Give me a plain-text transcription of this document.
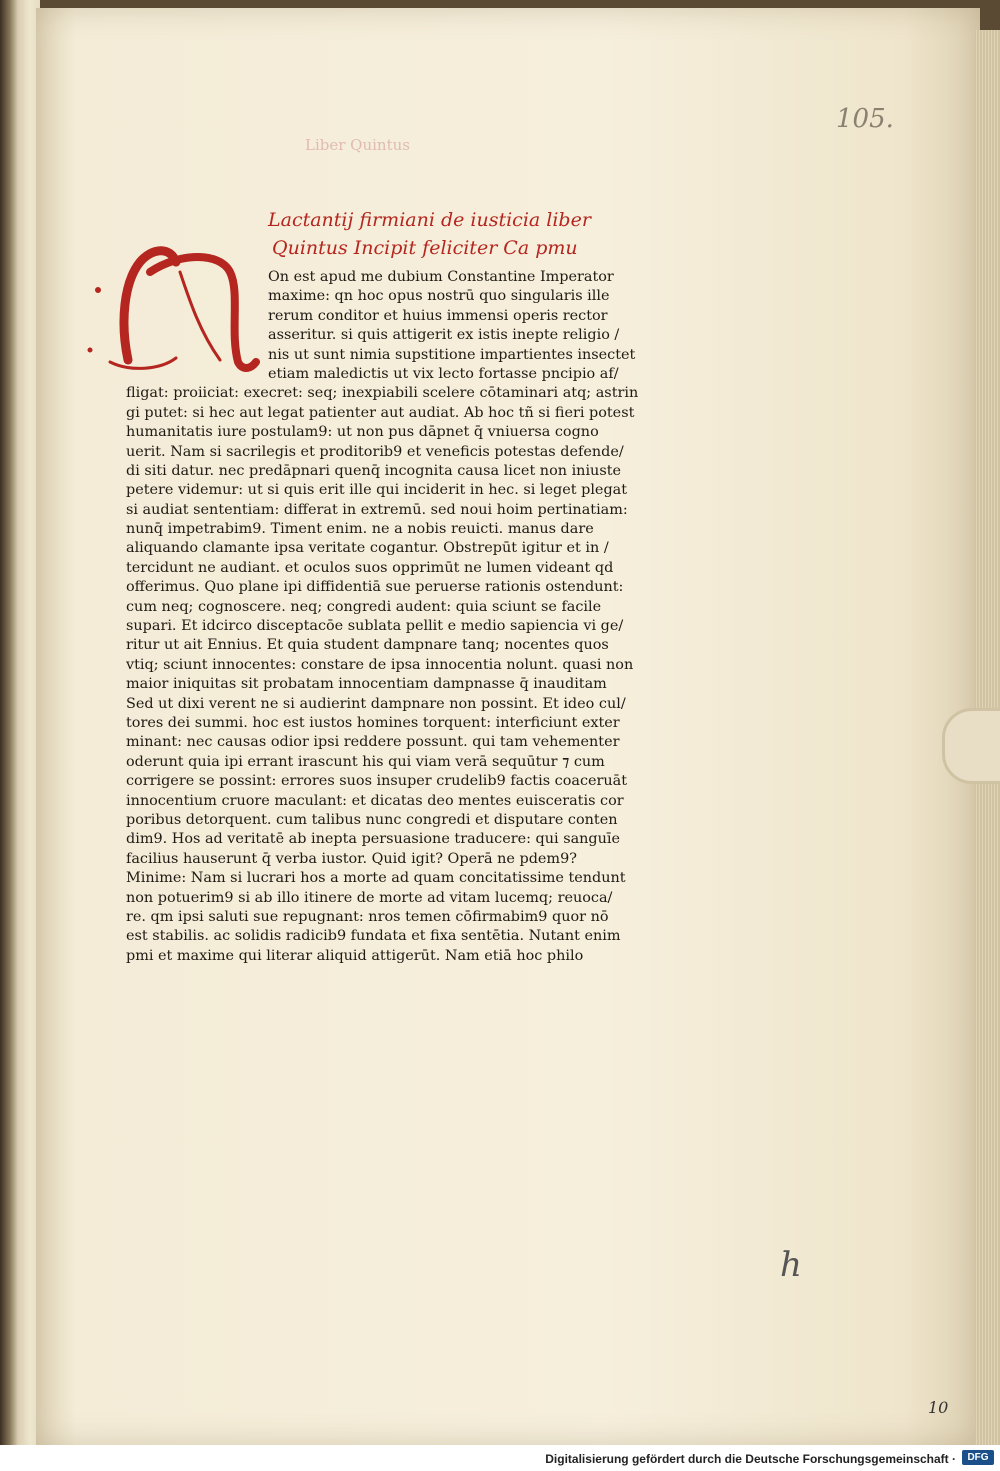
105.
Liber Quintus
Lactantij firmiani de iusticia liber
Quintus Incipit feliciter Ca pmu
On est apud me dubium Constantine Imperator
maxime: qn hoc opus nostrū quo singularis ille
rerum conditor et huius immensi operis rector
asseritur. si quis attigerit ex istis inepte religio /
nis ut sunt nimia supstitione impartientes insectet
etiam maledictis ut vix lecto fortasse pncipio af/
fligat: proiiciat: execret: seq; inexpiabili scelere cōtaminari atq; astrin
gi putet: si hec aut legat patienter aut audiat. Ab hoc tñ si fieri potest
humanitatis iure postulam9: ut non pus dāpnet q̄ vniuersa cogno
uerit. Nam si sacrilegis et proditorib9 et veneficis potestas defende/
di siti datur. nec predāpnari quenq̄ incognita causa licet non iniuste
petere videmur: ut si quis erit ille qui inciderit in hec. si leget plegat
si audiat sententiam: differat in extremū. sed noui hoim pertinatiam:
nunq̄ impetrabim9. Timent enim. ne a nobis reuicti. manus dare
aliquando clamante ipsa veritate cogantur. Obstrepūt igitur et in /
tercidunt ne audiant. et oculos suos opprimūt ne lumen videant qd
offerimus. Quo plane ipi diffidentiā sue peruerse rationis ostendunt:
cum neq; cognoscere. neq; congredi audent: quia sciunt se facile
supari. Et idcirco disceptacōe sublata pellit e medio sapiencia vi ge/
ritur ut ait Ennius. Et quia student dampnare tanq; nocentes quos
vtiq; sciunt innocentes: constare de ipsa innocentia nolunt. quasi non
maior iniquitas sit probatam innocentiam dampnasse q̄ inauditam
Sed ut dixi verent ne si audierint dampnare non possint. Et ideo cul/
tores dei summi. hoc est iustos homines torquent: interficiunt exter
minant: nec causas odior ipsi reddere possunt. qui tam vehementer
oderunt quia ipi errant irascunt his qui viam verā sequūtur ⁊ cum
corrigere se possint: errores suos insuper crudelib9 factis coaceruāt
innocentium cruore maculant: et dicatas deo mentes euisceratis cor
poribus detorquent. cum talibus nunc congredi et disputare conten
dim9. Hos ad veritatē ab inepta persuasione traducere: qui sanguīe
facilius hauserunt q̄ verba iustor. Quid igit? Operā ne pdem9?
Minime: Nam si lucrari hos a morte ad quam concitatissime tendunt
non potuerim9 si ab illo itinere de morte ad vitam lucemq; reuoca/
re. qm ipsi saluti sue repugnant: nros temen cōfirmabim9 quor nō
est stabilis. ac solidis radicib9 fundata et fixa sentētia. Nutant enim
pmi et maxime qui literar aliquid attigerūt. Nam etiā hoc philo
h
10
Digitalisierung gefördert durch die Deutsche Forschungsgemeinschaft ·	DFG
